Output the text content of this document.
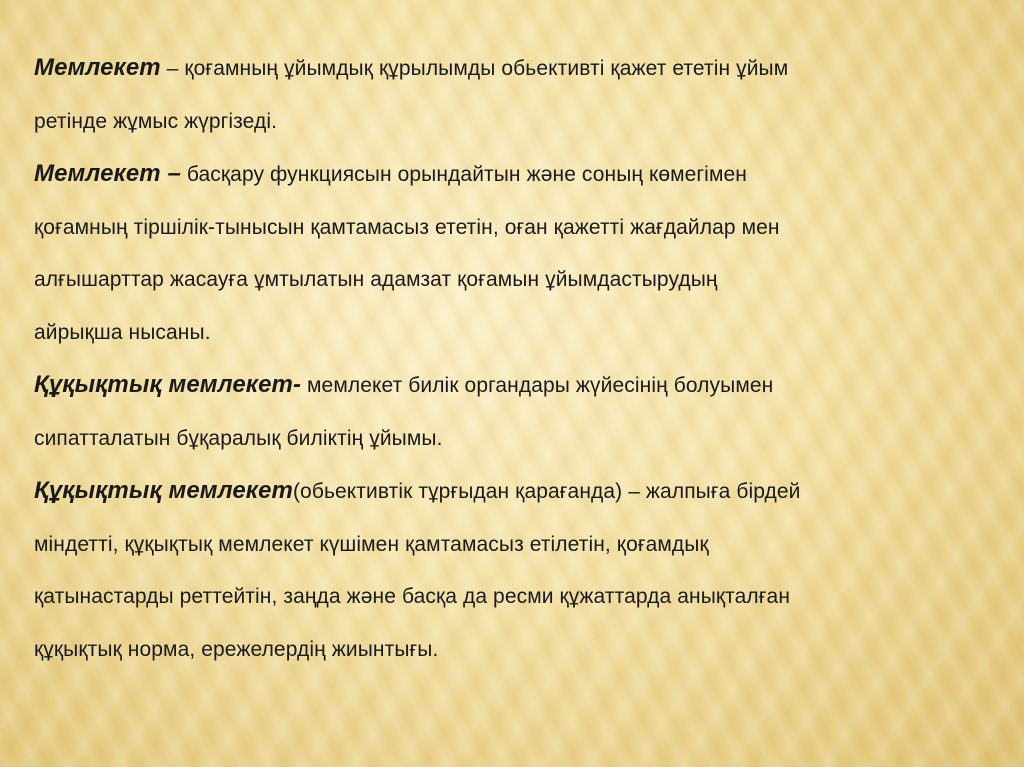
Мемлекет – қоғамның ұйымдық құрылымды обьективті қажет ететін ұйым
ретінде жұмыс жүргізеді.

Мемлекет – басқару функциясын орындайтын және соның көмегімен
қоғамның тіршілік-тынысын қамтамасыз ететін, оған қажетті жағдайлар мен
алғышарттар жасауға ұмтылатын адамзат қоғамын ұйымдастырудың
айрықша нысаны.

Құқықтық мемлекет- мемлекет билік органдары жүйесінің болуымен
сипатталатын бұқаралық биліктің ұйымы.

Құқықтық мемлекет(обьективтік тұрғыдан қарағанда) – жалпыға бірдей
міндетті, құқықтық мемлекет күшімен қамтамасыз етілетін, қоғамдық
қатынастарды реттейтін, заңда және басқа да ресми құжаттарда анықталған
құқықтық норма, ережелердің жиынтығы.
